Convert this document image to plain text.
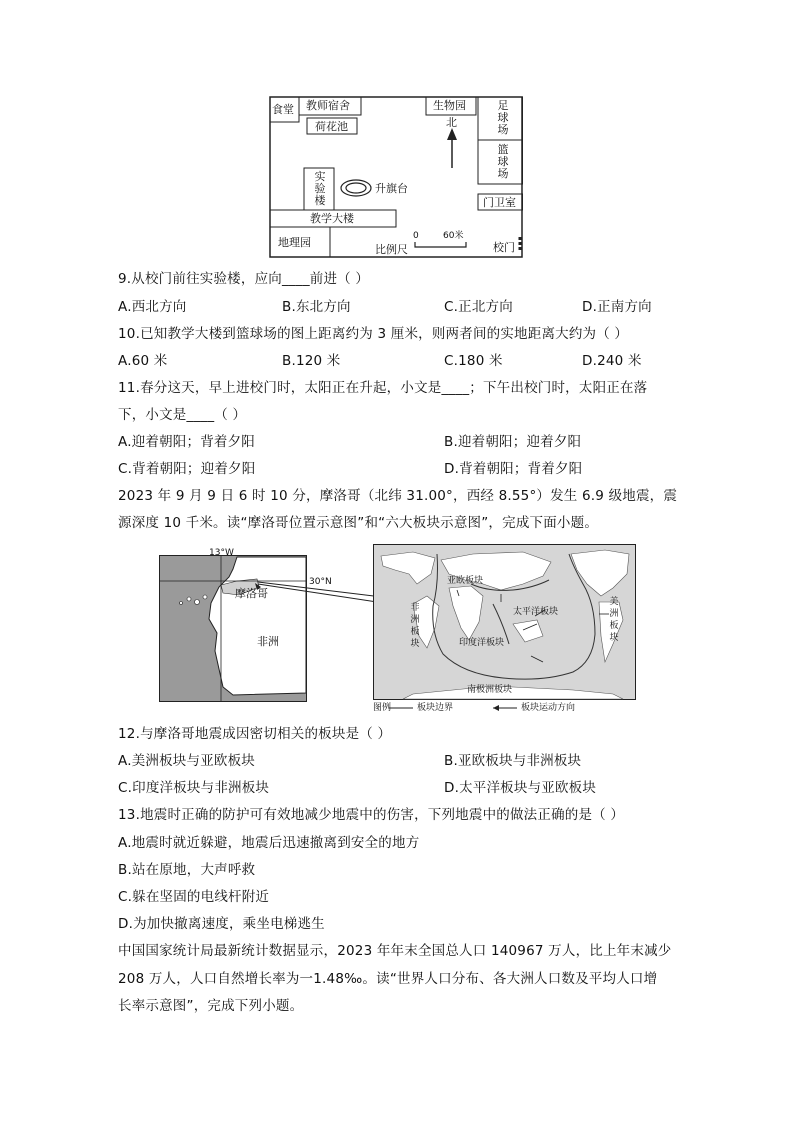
食堂 教师宿舍
荷花池
生物园	足
球
场
篮
球
场
北
实
验
楼
升旗台
门卫室
教学大楼
地理园	0	60米
比例尺	校门
9.从校门前往实验楼，应向____前进（ ）
A.西北方向	B.东北方向	C.正北方向	D.正南方向
10.已知教学大楼到篮球场的图上距离约为 3 厘米，则两者间的实地距离大约为（ ）
A.60 米	B.120 米	C.180 米	D.240 米
11.春分这天，早上进校门时，太阳正在升起，小文是____；下午出校门时，太阳正在落
下，小文是____（ ）
A.迎着朝阳；背着夕阳	B.迎着朝阳；迎着夕阳
C.背着朝阳；迎着夕阳	D.背着朝阳；背着夕阳
2023 年 9 月 9 日 6 时 10 分，摩洛哥（北纬 31.00°，西经 8.55°）发生 6.9 级地震，震
源深度 10 千米。读“摩洛哥位置示意图”和“六大板块示意图”，完成下面小题。
13°W
30°N
摩洛哥
非洲
亚欧板块
非
洲
板
块
太平洋板块
美
洲
板
块
印度洋板块
南极洲板块
图例	板块边界	板块运动方向
12.与摩洛哥地震成因密切相关的板块是（ ）
A.美洲板块与亚欧板块	B.亚欧板块与非洲板块
C.印度洋板块与非洲板块	D.太平洋板块与亚欧板块
13.地震时正确的防护可有效地减少地震中的伤害，下列地震中的做法正确的是（ ）
A.地震时就近躲避，地震后迅速撤离到安全的地方
B.站在原地，大声呼救
C.躲在坚固的电线杆附近
D.为加快撤离速度，乘坐电梯逃生
中国国家统计局最新统计数据显示，2023 年年末全国总人口 140967 万人，比上年末减少
208 万人，人口自然增长率为一1.48‰。读“世界人口分布、各大洲人口数及平均人口增
长率示意图”，完成下列小题。
